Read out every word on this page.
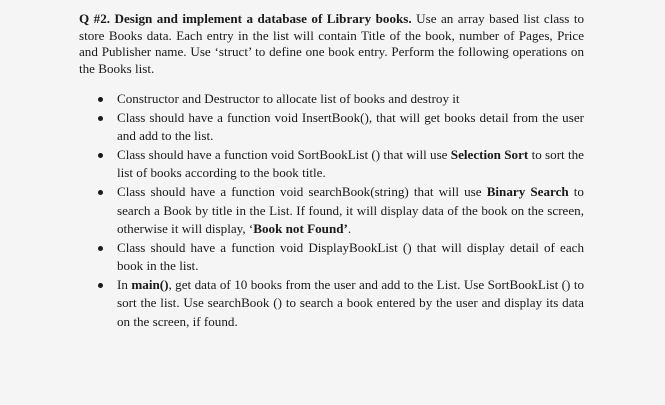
Q #2. Design and implement a database of Library books. Use an array based list class to store Books data. Each entry in the list will contain Title of the book, number of Pages, Price and Publisher name. Use ‘struct’ to define one book entry. Perform the following operations on the Books list.

Constructor and Destructor to allocate list of books and destroy it
Class should have a function void InsertBook(), that will get books detail from the user and add to the list.
Class should have a function void SortBookList () that will use Selection Sort to sort the list of books according to the book title.
Class should have a function void searchBook(string) that will use Binary Search to search a Book by title in the List. If found, it will display data of the book on the screen, otherwise it will display, ‘Book not Found’.
Class should have a function void DisplayBookList () that will display detail of each book in the list.
In main(), get data of 10 books from the user and add to the List. Use SortBookList () to sort the list. Use searchBook () to search a book entered by the user and display its data on the screen, if found.
